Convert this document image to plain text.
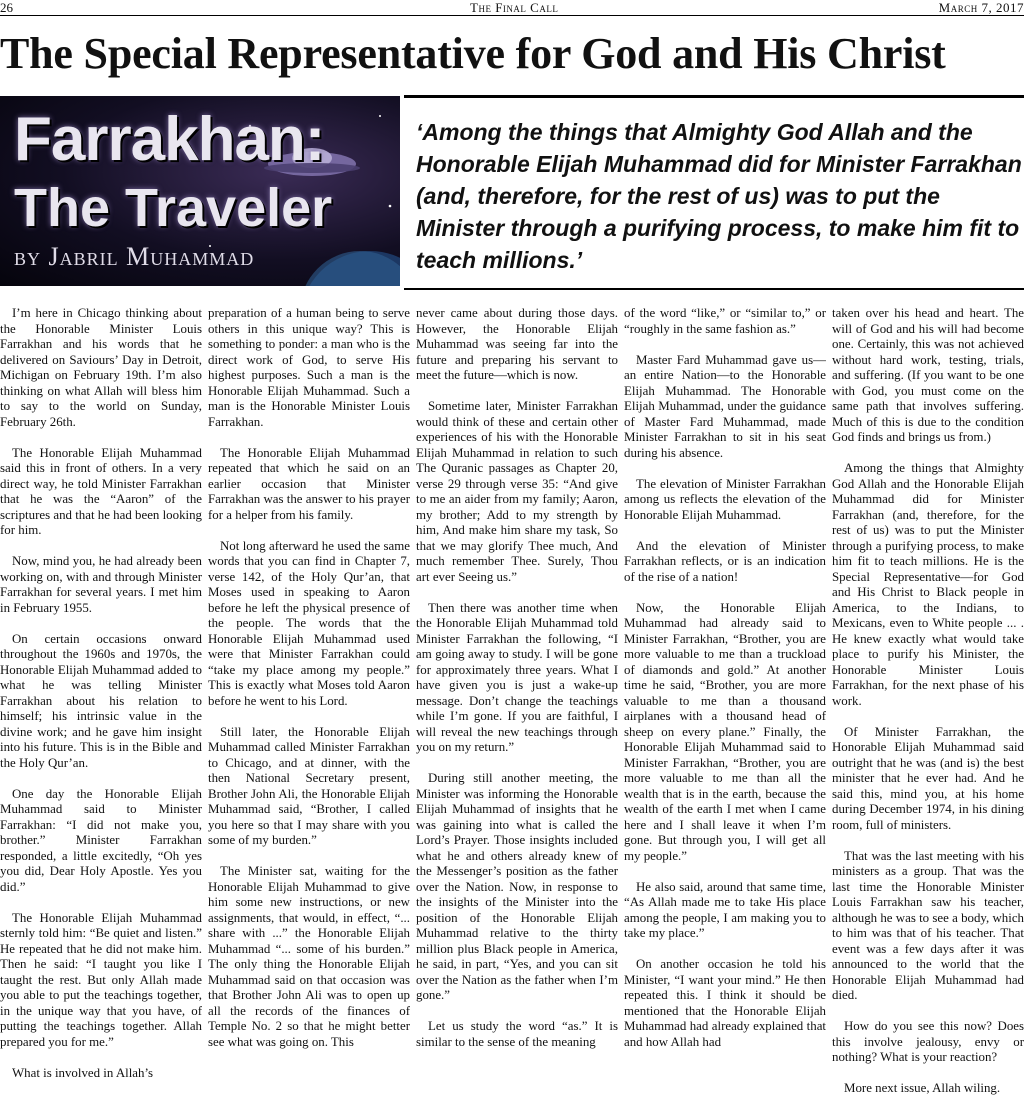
26	The Final Call	March 7, 2017
The Special Representative for God and His Christ
Farrakhan:
The Traveler
by Jabril Muhammad
‘Among the things that Almighty God Allah and the Honorable Elijah Muhammad did for Minister Farrakhan (and, therefore, for the rest of us) was to put the Minister through a purifying process, to make him fit to teach millions.’

I’m here in Chicago thinking about the Honorable Minister Louis Farrakhan and his words that he delivered on Saviours’ Day in Detroit, Michigan on February 19th. I’m also thinking on what Allah will bless him to say to the world on Sunday, February 26th.

The Honorable Elijah Muhammad said this in front of others. In a very direct way, he told Minister Farrakhan that he was the “Aaron” of the scriptures and that he had been looking for him.

Now, mind you, he had already been working on, with and through Minister Farrakhan for several years. I met him in February 1955.

On certain occasions onward throughout the 1960s and 1970s, the Honorable Elijah Muhammad added to what he was telling Minister Farrakhan about his relation to himself; his intrinsic value in the divine work; and he gave him insight into his future. This is in the Bible and the Holy Qur’an.

One day the Honorable Elijah Muhammad said to Minister Farrakhan: “I did not make you, brother.” Minister Farrakhan responded, a little excitedly, “Oh yes you did, Dear Holy Apostle. Yes you did.”

The Honorable Elijah Muhammad sternly told him: “Be quiet and listen.” He repeated that he did not make him. Then he said: “I taught you like I taught the rest. But only Allah made you able to put the teachings together, in the unique way that you have, of putting the teachings together. Allah prepared you for me.”

What is involved in Allah’s

preparation of a human being to serve others in this unique way? This is something to ponder: a man who is the direct work of God, to serve His highest purposes. Such a man is the Honorable Elijah Muhammad. Such a man is the Honorable Minister Louis Farrakhan.

The Honorable Elijah Muhammad repeated that which he said on an earlier occasion that Minister Farrakhan was the answer to his prayer for a helper from his family.

Not long afterward he used the same words that you can find in Chapter 7, verse 142, of the Holy Qur’an, that Moses used in speaking to Aaron before he left the physical presence of the people. The words that the Honorable Elijah Muhammad used were that Minister Farrakhan could “take my place among my people.” This is exactly what Moses told Aaron before he went to his Lord.

Still later, the Honorable Elijah Muhammad called Minister Farrakhan to Chicago, and at dinner, with the then National Secretary present, Brother John Ali, the Honorable Elijah Muhammad said, “Brother, I called you here so that I may share with you some of my burden.”

The Minister sat, waiting for the Honorable Elijah Muhammad to give him some new instructions, or new assignments, that would, in effect, “... share with ...” the Honorable Elijah Muhammad “... some of his burden.” The only thing the Honorable Elijah Muhammad said on that occasion was that Brother John Ali was to open up all the records of the finances of Temple No. 2 so that he might better see what was going on. This

never came about during those days. However, the Honorable Elijah Muhammad was seeing far into the future and preparing his servant to meet the future—which is now.

Sometime later, Minister Farrakhan would think of these and certain other experiences of his with the Honorable Elijah Muhammad in relation to such The Quranic passages as Chapter 20, verse 29 through verse 35: “And give to me an aider from my family; Aaron, my brother; Add to my strength by him, And make him share my task, So that we may glorify Thee much, And much remember Thee. Surely, Thou art ever Seeing us.”

Then there was another time when the Honorable Elijah Muhammad told Minister Farrakhan the following, “I am going away to study. I will be gone for approximately three years. What I have given you is just a wake-up message. Don’t change the teachings while I’m gone. If you are faithful, I will reveal the new teachings through you on my return.”

During still another meeting, the Minister was informing the Honorable Elijah Muhammad of insights that he was gaining into what is called the Lord’s Prayer. Those insights included what he and others already knew of the Messenger’s position as the father over the Nation. Now, in response to the insights of the Minister into the position of the Honorable Elijah Muhammad relative to the thirty million plus Black people in America, he said, in part, “Yes, and you can sit over the Nation as the father when I’m gone.”

Let us study the word “as.” It is similar to the sense of the meaning

of the word “like,” or “similar to,” or “roughly in the same fashion as.”

Master Fard Muhammad gave us—an entire Nation—to the Honorable Elijah Muhammad. The Honorable Elijah Muhammad, under the guidance of Master Fard Muhammad, made Minister Farrakhan to sit in his seat during his absence.

The elevation of Minister Farrakhan among us reflects the elevation of the Honorable Elijah Muhammad.

And the elevation of Minister Farrakhan reflects, or is an indication of the rise of a nation!

Now, the Honorable Elijah Muhammad had already said to Minister Farrakhan, “Brother, you are more valuable to me than a truckload of diamonds and gold.” At another time he said, “Brother, you are more valuable to me than a thousand airplanes with a thousand head of sheep on every plane.” Finally, the Honorable Elijah Muhammad said to Minister Farrakhan, “Brother, you are more valuable to me than all the wealth that is in the earth, because the wealth of the earth I met when I came here and I shall leave it when I’m gone. But through you, I will get all my people.”

He also said, around that same time, “As Allah made me to take His place among the people, I am making you to take my place.”

On another occasion he told his Minister, “I want your mind.” He then repeated this. I think it should be mentioned that the Honorable Elijah Muhammad had already explained that and how Allah had

taken over his head and heart. The will of God and his will had become one. Certainly, this was not achieved without hard work, testing, trials, and suffering. (If you want to be one with God, you must come on the same path that involves suffering. Much of this is due to the condition God finds and brings us from.)

Among the things that Almighty God Allah and the Honorable Elijah Muhammad did for Minister Farrakhan (and, therefore, for the rest of us) was to put the Minister through a purifying process, to make him fit to teach millions. He is the Special Representative—for God and His Christ to Black people in America, to the Indians, to Mexicans, even to White people ... . He knew exactly what would take place to purify his Minister, the Honorable Minister Louis Farrakhan, for the next phase of his work.

Of Minister Farrakhan, the Honorable Elijah Muhammad said outright that he was (and is) the best minister that he ever had. And he said this, mind you, at his home during December 1974, in his dining room, full of ministers.

That was the last meeting with his ministers as a group. That was the last time the Honorable Minister Louis Farrakhan saw his teacher, although he was to see a body, which to him was that of his teacher. That event was a few days after it was announced to the world that the Honorable Elijah Muhammad had died.

How do you see this now? Does this involve jealousy, envy or nothing? What is your reaction?

More next issue, Allah wiling.
